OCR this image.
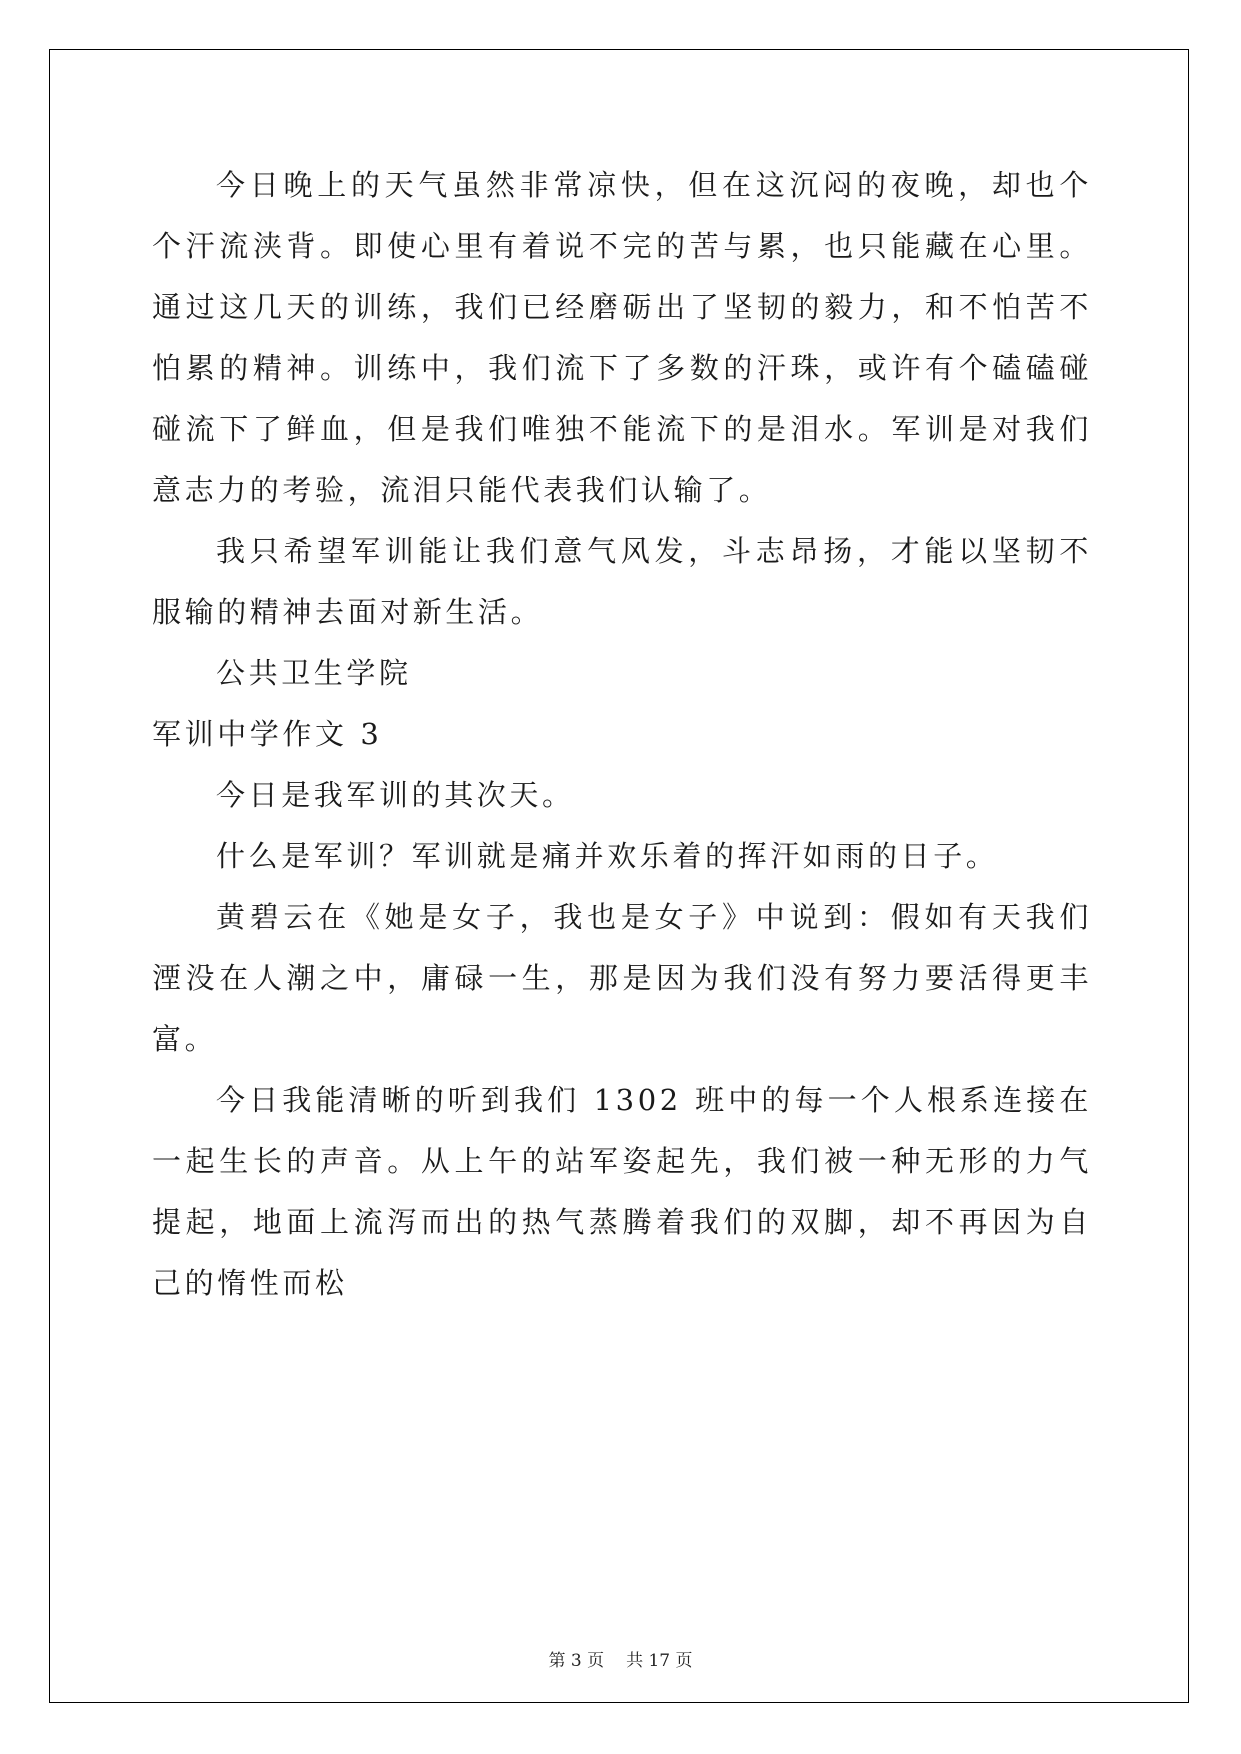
今日晚上的天气虽然非常凉快，但在这沉闷的夜晚，却也个个汗流浃背。即使心里有着说不完的苦与累，也只能藏在心里。通过这几天的训练，我们已经磨砺出了坚韧的毅力，和不怕苦不怕累的精神。训练中，我们流下了多数的汗珠，或许有个磕磕碰碰流下了鲜血，但是我们唯独不能流下的是泪水。军训是对我们意志力的考验，流泪只能代表我们认输了。

我只希望军训能让我们意气风发，斗志昂扬，才能以坚韧不服输的精神去面对新生活。

公共卫生学院

军训中学作文 3

今日是我军训的其次天。

什么是军训？军训就是痛并欢乐着的挥汗如雨的日子。

黄碧云在《她是女子，我也是女子》中说到：假如有天我们湮没在人潮之中，庸碌一生，那是因为我们没有努力要活得更丰富。

今日我能清晰的听到我们 1302 班中的每一个人根系连接在一起生长的声音。从上午的站军姿起先，我们被一种无形的力气提起，地面上流泻而出的热气蒸腾着我们的双脚，却不再因为自己的惰性而松

第 3 页 共 17 页
